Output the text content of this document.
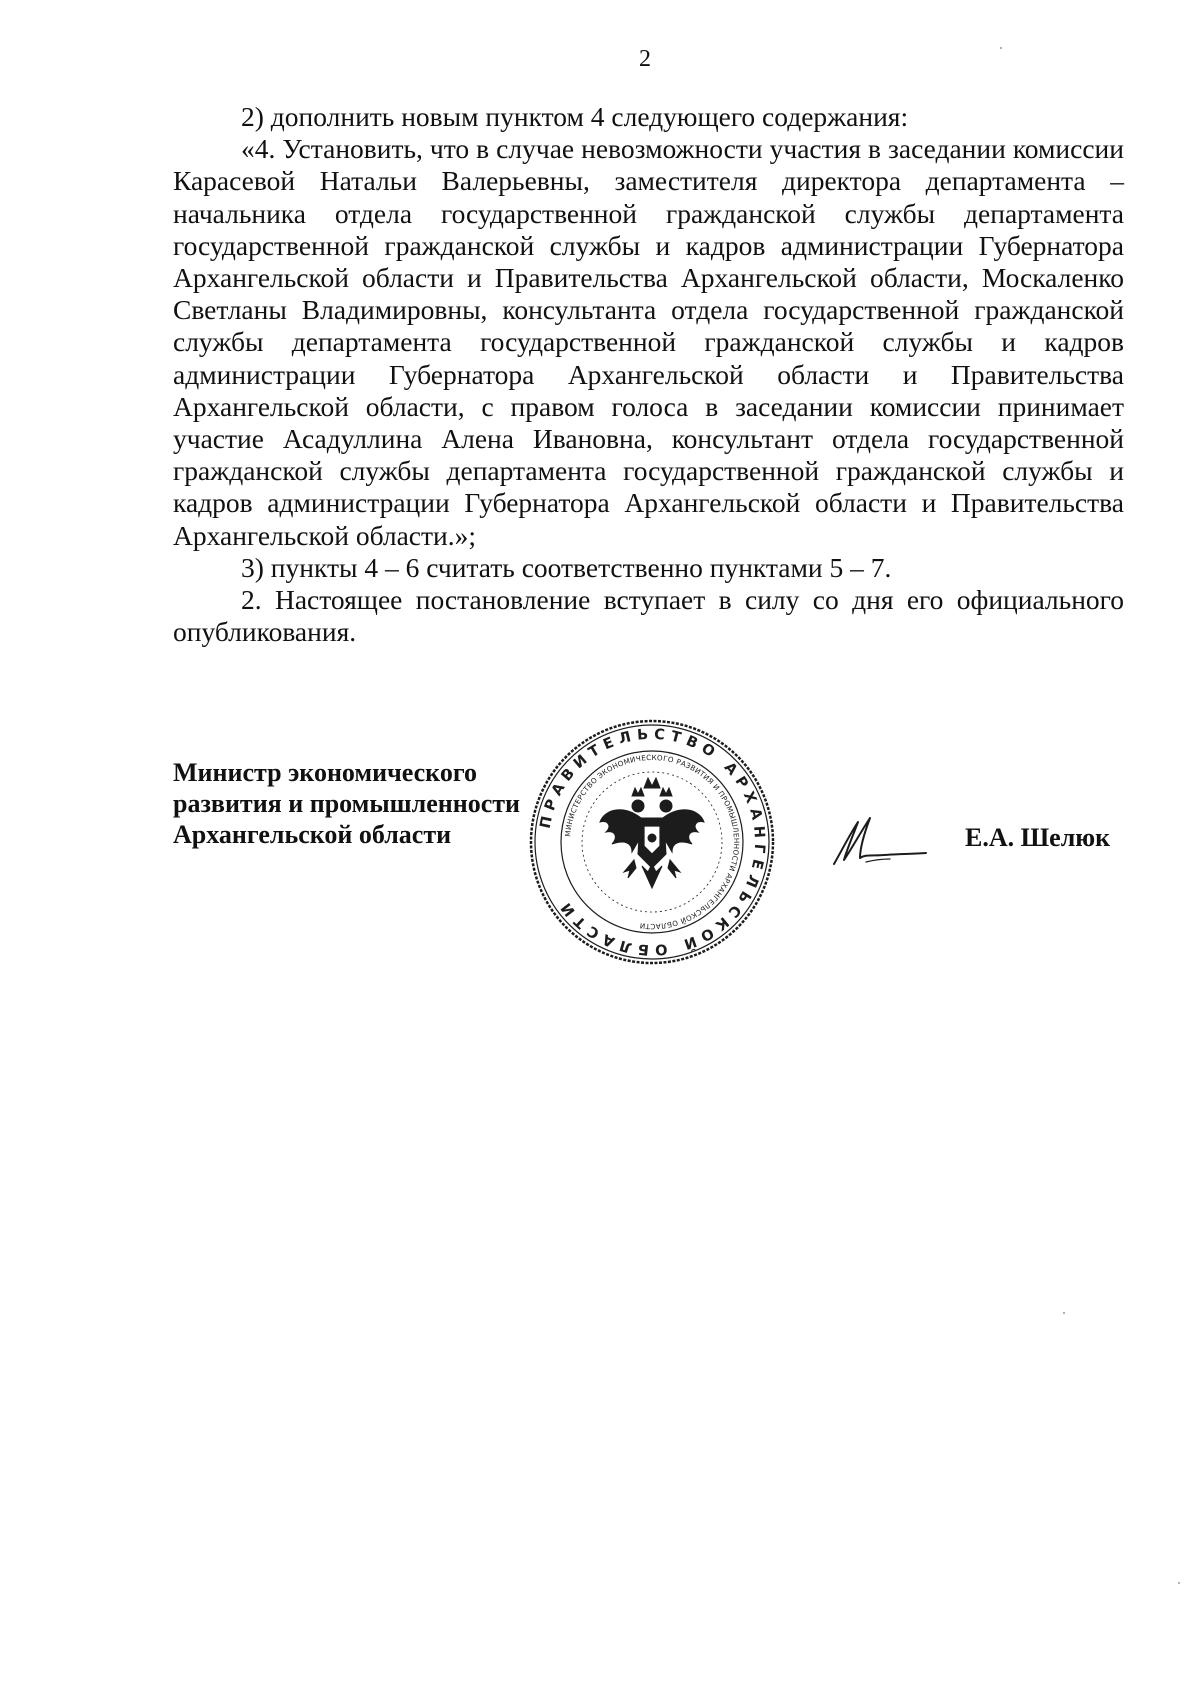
2

2) дополнить новым пунктом 4 следующего содержания:

«4. Установить, что в случае невозможности участия в заседании комиссии Карасевой Натальи Валерьевны, заместителя директора департамента – начальника отдела государственной гражданской службы департамента государственной гражданской службы и кадров администрации Губернатора Архангельской области и Правительства Архангельской области, Москаленко Светланы Владимировны, консультанта отдела государственной гражданской службы департамента государственной гражданской службы и кадров администрации Губернатора Архангельской области и Правительства Архангельской области, с правом голоса в заседании комиссии принимает участие Асадуллина Алена Ивановна, консультант отдела государственной гражданской службы департамента государственной гражданской службы и кадров администрации Губернатора Архангельской области и Правительства Архангельской области.»;

3) пункты 4 – 6 считать соответственно пунктами 5 – 7.

2. Настоящее постановление вступает в силу со дня его официального опубликования.

Министр экономического
развития и промышленности
Архангельской области
ПРАВИТЕЛЬСТВО АРХАНГЕЛЬСКОЙ ОБЛАСТИ
МИНИСТЕРСТВО ЭКОНОМИЧЕСКОГО РАЗВИТИЯ И ПРОМЫШЛЕННОСТИ АРХАНГЕЛЬСКОЙ ОБЛАСТИ
Е.А. Шелюк
